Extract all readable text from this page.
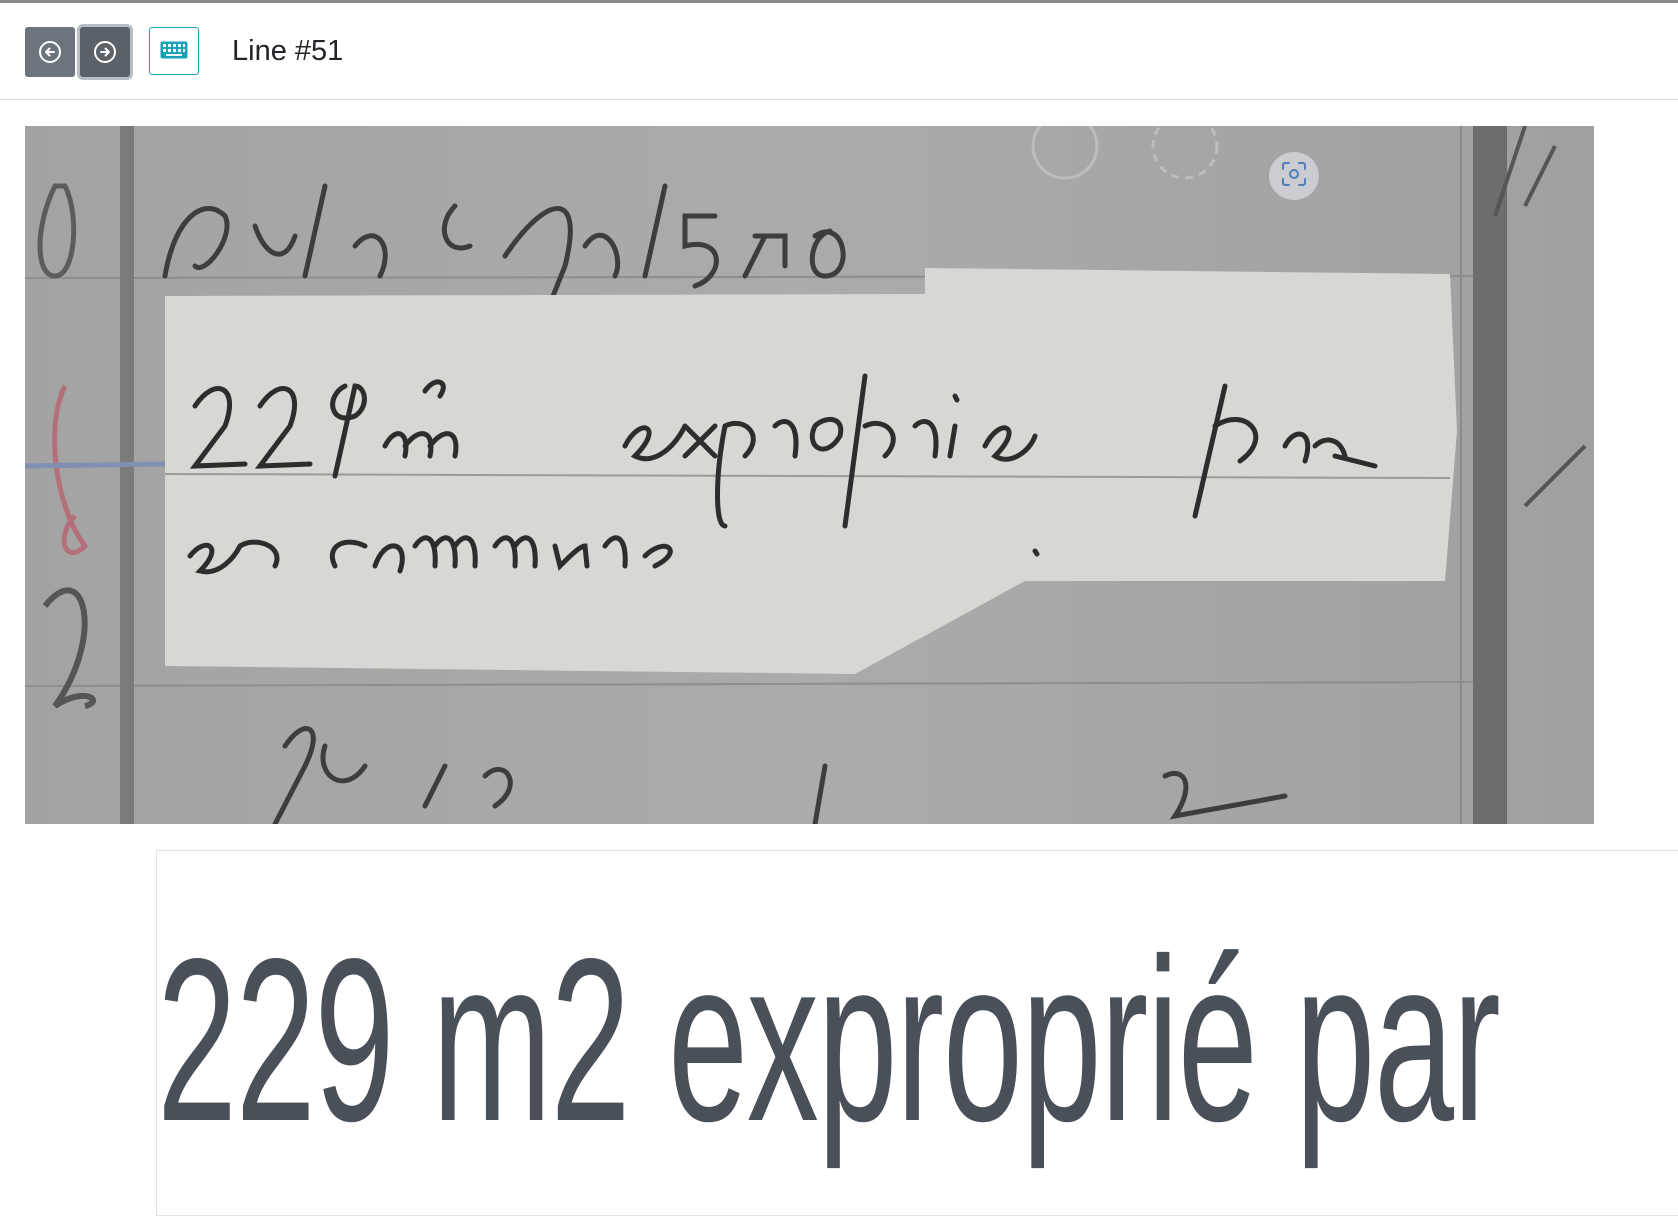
Line #51
229 m2 exproprié par
